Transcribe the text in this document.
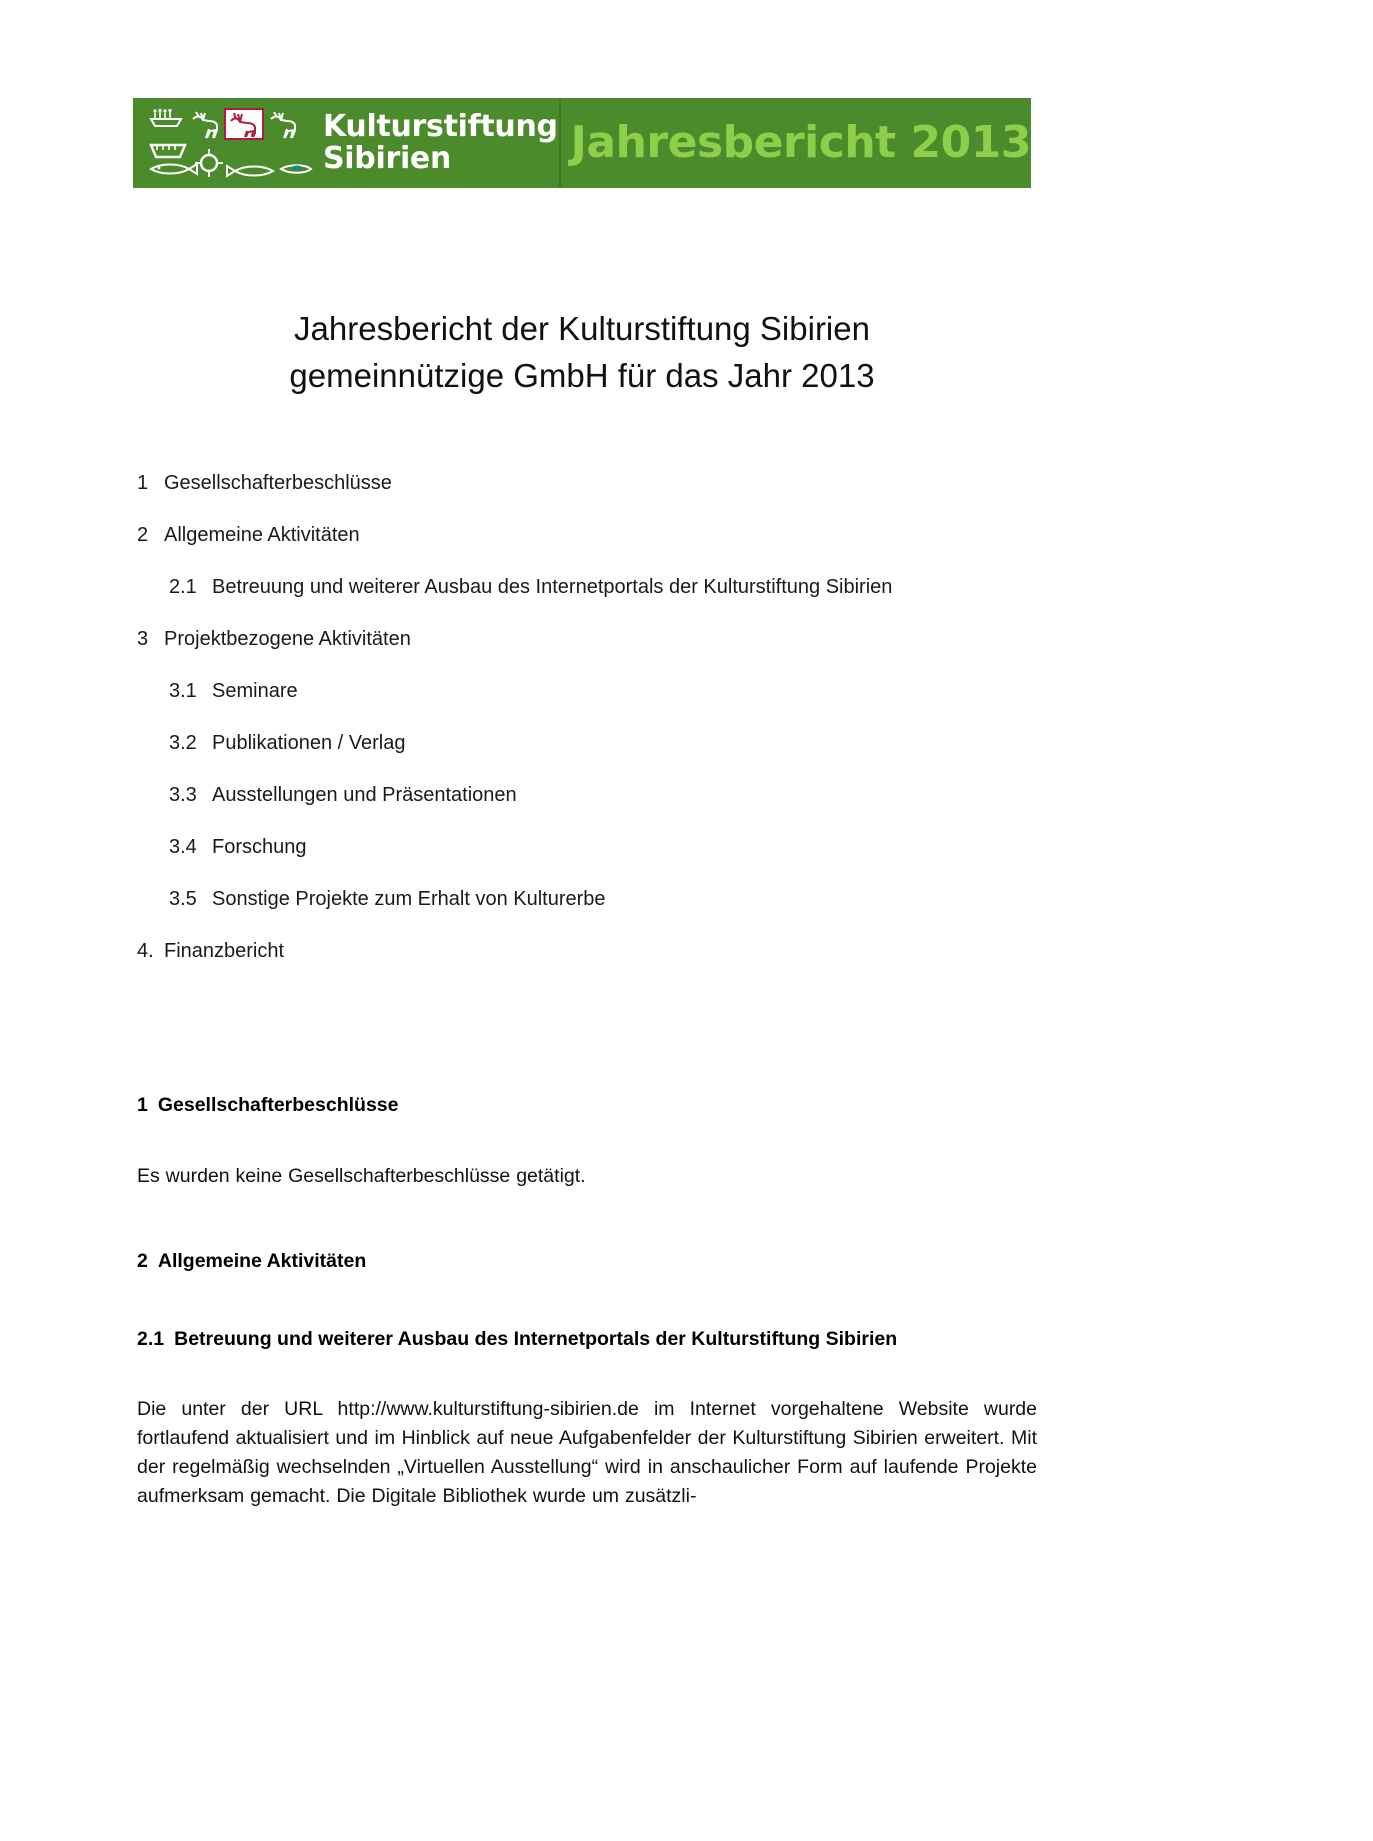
Kulturstiftung
Sibirien	Jahresbericht 2013
Jahresbericht der Kulturstiftung Sibirien
gemeinnützige GmbH für das Jahr 2013
1 Gesellschafterbeschlüsse
2 Allgemeine Aktivitäten
2.1 Betreuung und weiterer Ausbau des Internetportals der Kulturstiftung Sibirien
3 Projektbezogene Aktivitäten
3.1 Seminare
3.2 Publikationen / Verlag
3.3 Ausstellungen und Präsentationen
3.4 Forschung
3.5 Sonstige Projekte zum Erhalt von Kulturerbe
4. Finanzbericht
1 Gesellschafterbeschlüsse

Es wurden keine Gesellschafterbeschlüsse getätigt.

2 Allgemeine Aktivitäten
2.1 Betreuung und weiterer Ausbau des Internetportals der Kulturstiftung Sibirien

Die unter der URL http://www.kulturstiftung-sibirien.de im Internet vorgehaltene Website wurde fortlaufend aktualisiert und im Hinblick auf neue Aufgabenfelder der Kulturstiftung Sibirien erweitert. Mit der regelmäßig wechselnden „Virtuellen Ausstellung“ wird in anschaulicher Form auf laufende Projekte aufmerksam gemacht. Die Digitale Bibliothek wurde um zusätzli-
